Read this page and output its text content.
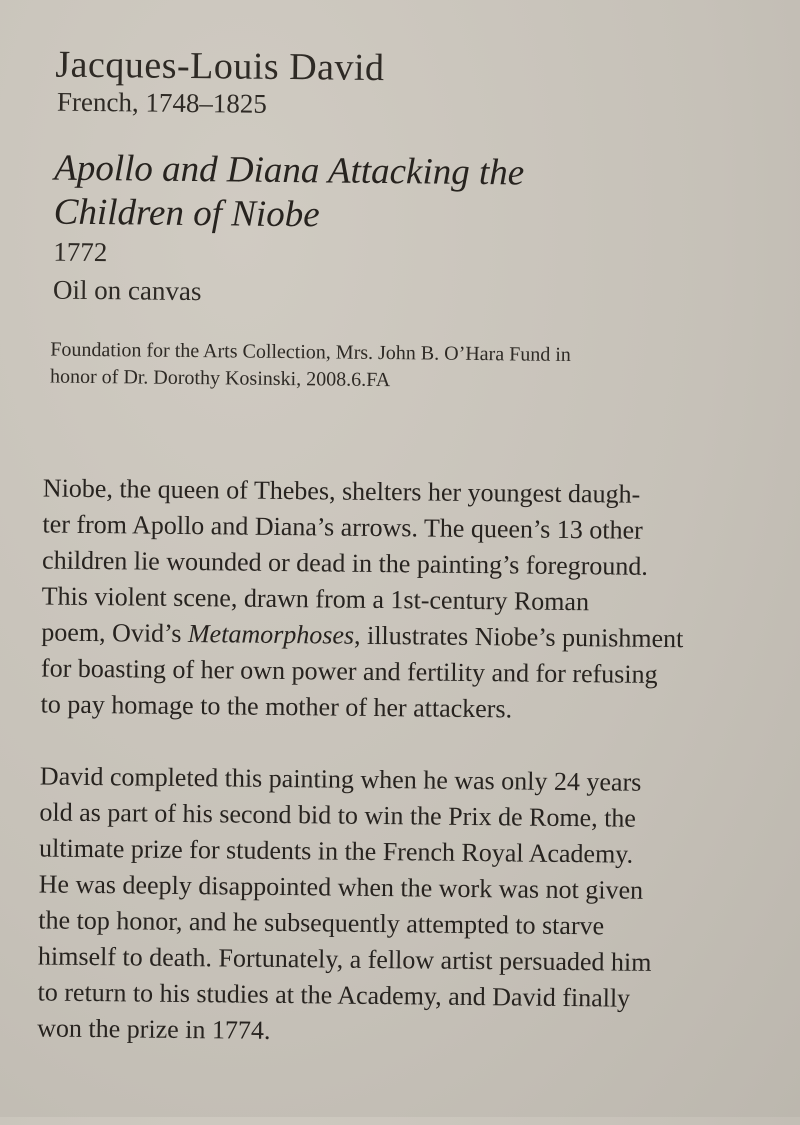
Jacques-Louis David
French, 1748–1825
Apollo and Diana Attacking the
Children of Niobe
1772
Oil on canvas
Foundation for the Arts Collection, Mrs. John B. O’Hara Fund in
honor of Dr. Dorothy Kosinski, 2008.6.FA

Niobe, the queen of Thebes, shelters her youngest daugh-

ter from Apollo and Diana’s arrows. The queen’s 13 other

children lie wounded or dead in the painting’s foreground.

This violent scene, drawn from a 1st-century Roman

poem, Ovid’s Metamorphoses, illustrates Niobe’s punishment

for boasting of her own power and fertility and for refusing

to pay homage to the mother of her attackers.

David completed this painting when he was only 24 years

old as part of his second bid to win the Prix de Rome, the

ultimate prize for students in the French Royal Academy.

He was deeply disappointed when the work was not given

the top honor, and he subsequently attempted to starve

himself to death. Fortunately, a fellow artist persuaded him

to return to his studies at the Academy, and David finally

won the prize in 1774.
